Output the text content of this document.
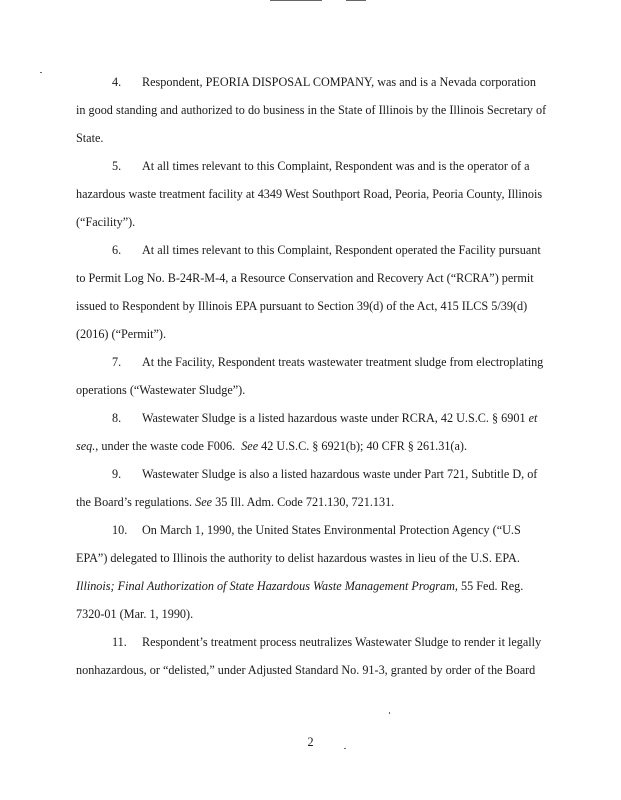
4. Respondent, PEORIA DISPOSAL COMPANY, was and is a Nevada corporation
in good standing and authorized to do business in the State of Illinois by the Illinois Secretary of
State.
5. At all times relevant to this Complaint, Respondent was and is the operator of a
hazardous waste treatment facility at 4349 West Southport Road, Peoria, Peoria County, Illinois
(“Facility”).
6. At all times relevant to this Complaint, Respondent operated the Facility pursuant
to Permit Log No. B-24R-M-4, a Resource Conservation and Recovery Act (“RCRA”) permit
issued to Respondent by Illinois EPA pursuant to Section 39(d) of the Act, 415 ILCS 5/39(d)
(2016) (“Permit”).
7. At the Facility, Respondent treats wastewater treatment sludge from electroplating
operations (“Wastewater Sludge”).
8. Wastewater Sludge is a listed hazardous waste under RCRA, 42 U.S.C. § 6901 et
seq., under the waste code F006. See 42 U.S.C. § 6921(b); 40 CFR § 261.31(a).
9. Wastewater Sludge is also a listed hazardous waste under Part 721, Subtitle D, of
the Board’s regulations. See 35 Ill. Adm. Code 721.130, 721.131.
10. On March 1, 1990, the United States Environmental Protection Agency (“U.S
EPA”) delegated to Illinois the authority to delist hazardous wastes in lieu of the U.S. EPA.
Illinois; Final Authorization of State Hazardous Waste Management Program, 55 Fed. Reg.
7320-01 (Mar. 1, 1990).
11. Respondent’s treatment process neutralizes Wastewater Sludge to render it legally
nonhazardous, or “delisted,” under Adjusted Standard No. 91-3, granted by order of the Board
2
